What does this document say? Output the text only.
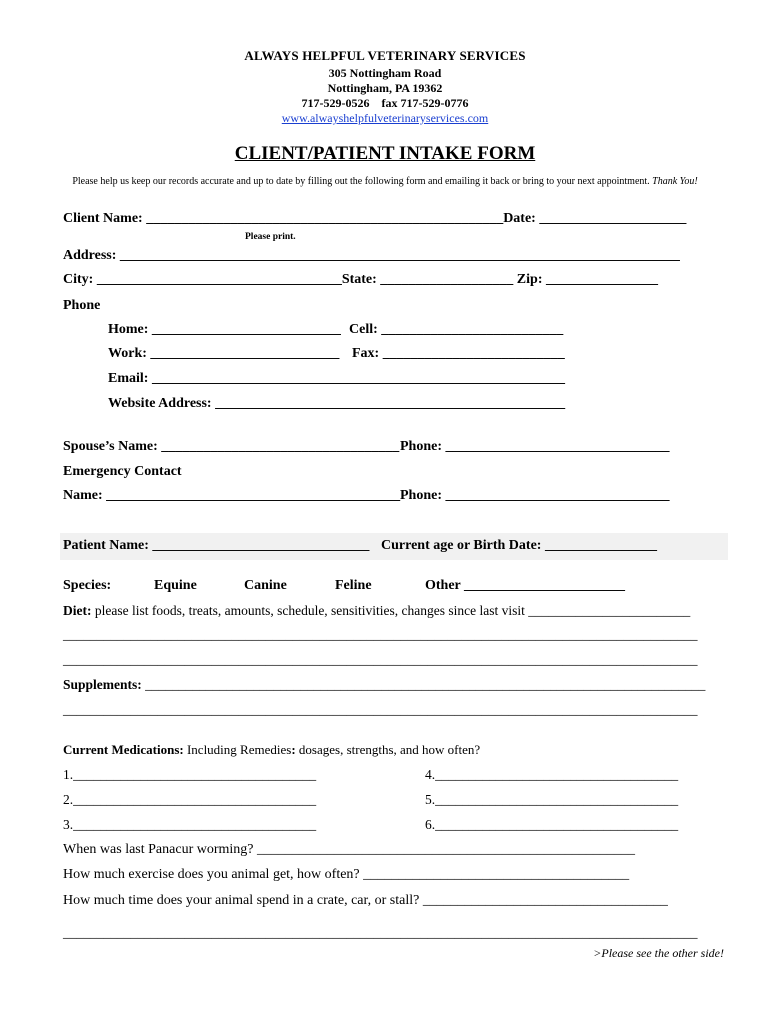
ALWAYS HELPFUL VETERINARY SERVICES
305 Nottingham Road
Nottingham, PA 19362
717-529-0526    fax 717-529-0776
www.alwayshelpfulveterinaryservices.com
CLIENT/PATIENT INTAKE FORM
Please help us keep our records accurate and up to date by filling out the following form and emailing it back or bring to your next appointment. Thank You!
Client Name: ___________________________________________________Date: _____________________
Please print.
Address: ________________________________________________________________________________
City: ___________________________________State: ___________________ Zip: ________________
Phone
Home: ___________________________ Cell: __________________________
Work: ___________________________ Fax: __________________________
Email: ___________________________________________________________
Website Address: __________________________________________________
Spouse’s Name: __________________________________ Phone: ________________________________
Emergency Contact
Name: __________________________________________ Phone: ________________________________
Patient Name: _______________________________ Current age or Birth Date: ________________
Species:	Equine	Canine	Feline	Other _______________________
Diet: please list foods, treats, amounts, schedule, sensitivities, changes since last visit ________________________
______________________________________________________________________________________________
______________________________________________________________________________________________
Supplements: ___________________________________________________________________________________
______________________________________________________________________________________________
Current Medications: Including Remedies: dosages, strengths, and how often?
1.____________________________________
2.____________________________________
3.____________________________________
4.____________________________________
5.____________________________________
6.____________________________________
When was last Panacur worming? ______________________________________________________
How much exercise does you animal get, how often? ______________________________________
How much time does your animal spend in a crate, car, or stall? ___________________________________
______________________________________________________________________________________________
>Please see the other side!
